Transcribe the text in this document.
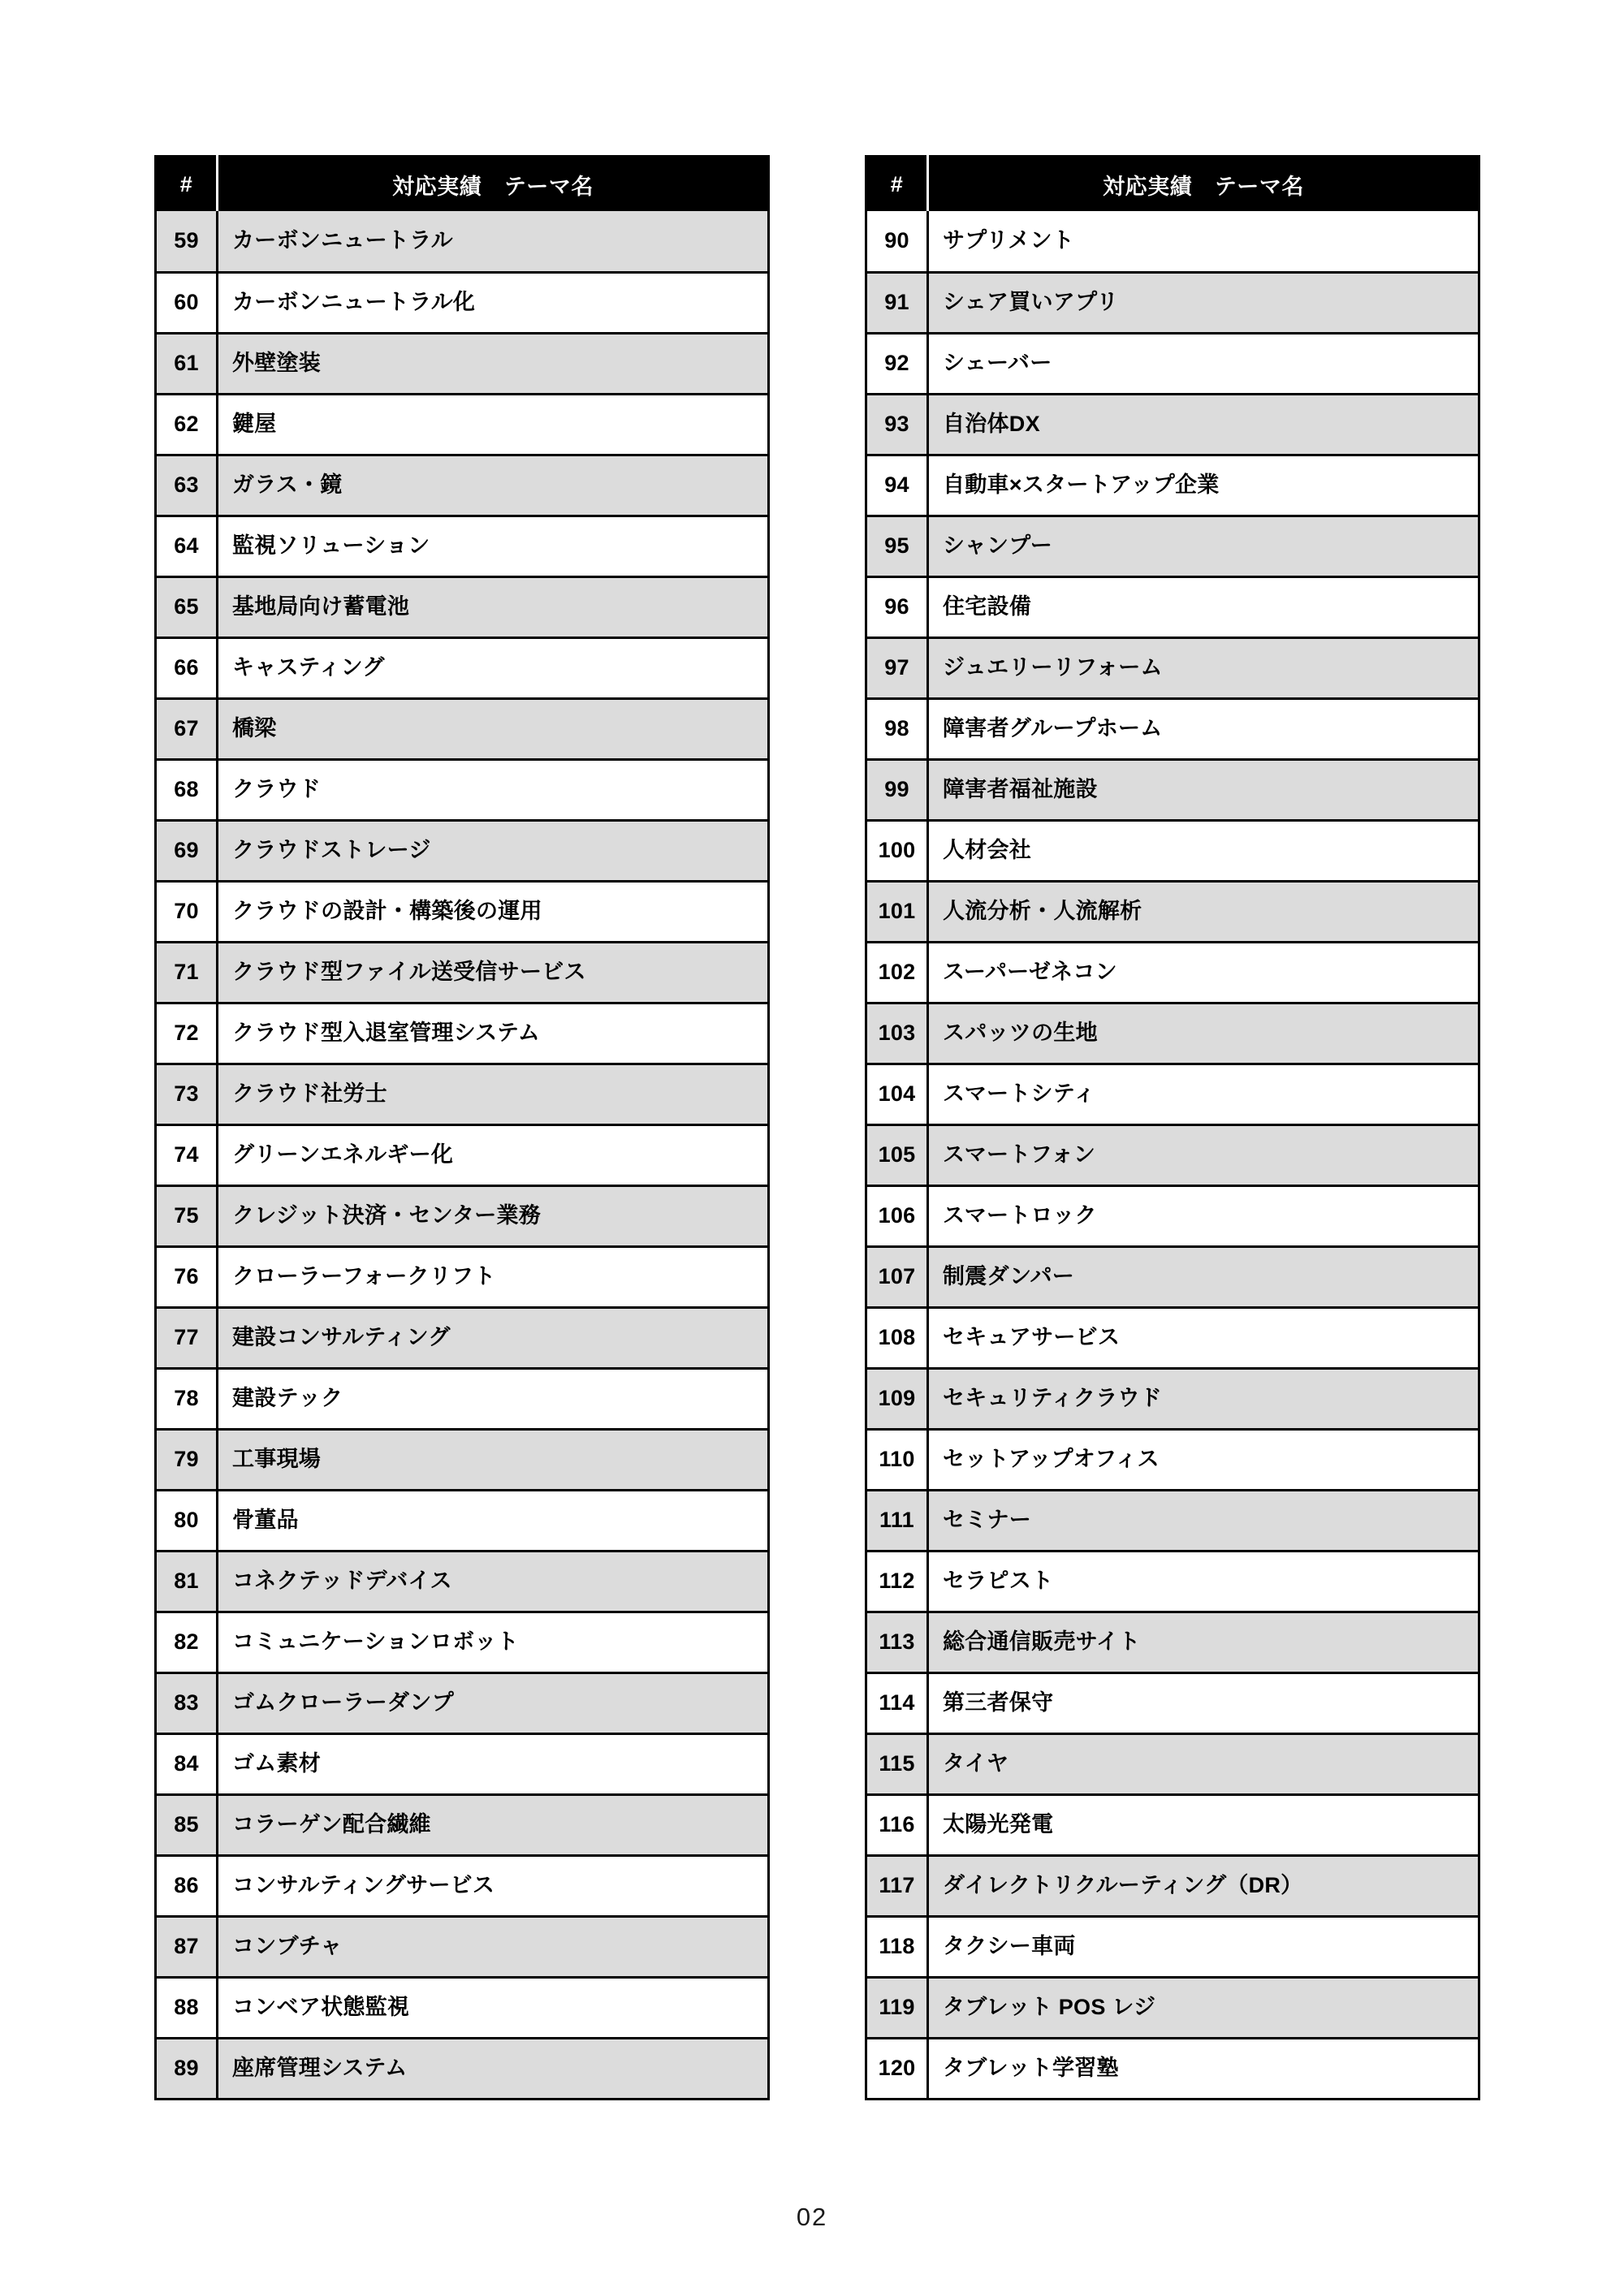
#	対応実績　テーマ名
59	カーボンニュートラル
60	カーボンニュートラル化
61	外壁塗装
62	鍵屋
63	ガラス・鏡
64	監視ソリューション
65	基地局向け蓄電池
66	キャスティング
67	橋梁
68	クラウド
69	クラウドストレージ
70	クラウドの設計・構築後の運用
71	クラウド型ファイル送受信サービス
72	クラウド型入退室管理システム
73	クラウド社労士
74	グリーンエネルギー化
75	クレジット決済・センター業務
76	クローラーフォークリフト
77	建設コンサルティング
78	建設テック
79	工事現場
80	骨董品
81	コネクテッドデバイス
82	コミュニケーションロボット
83	ゴムクローラーダンプ
84	ゴム素材
85	コラーゲン配合繊維
86	コンサルティングサービス
87	コンブチャ
88	コンベア状態監視
89	座席管理システム
#	対応実績　テーマ名
90	サプリメント
91	シェア買いアプリ
92	シェーバー
93	自治体DX
94	自動車×スタートアップ企業
95	シャンプー
96	住宅設備
97	ジュエリーリフォーム
98	障害者グループホーム
99	障害者福祉施設
100	人材会社
101	人流分析・人流解析
102	スーパーゼネコン
103	スパッツの生地
104	スマートシティ
105	スマートフォン
106	スマートロック
107	制震ダンパー
108	セキュアサービス
109	セキュリティクラウド
110	セットアップオフィス
111	セミナー
112	セラピスト
113	総合通信販売サイト
114	第三者保守
115	タイヤ
116	太陽光発電
117	ダイレクトリクルーティング（DR）
118	タクシー車両
119	タブレット POS レジ
120	タブレット学習塾
02
